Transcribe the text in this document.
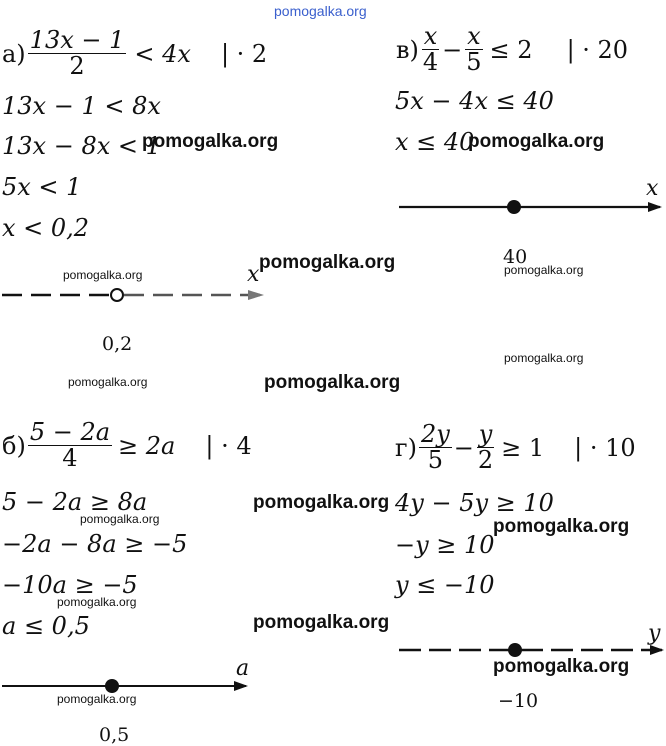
pomogalka.org
$а) \frac{13x - 1}{2} < 4x$ | · 2
13x − 1 < 8x
13x − 8x < 1
5x < 1
x < 0,2
x
0,2
$в) \frac{x}{4} - \frac{x}{5} \le 2$ | · 20
5x − 4x ≤ 40
x ≤ 40
x
40
$б) \frac{5 - 2a}{4} \ge 2a$ | · 4
5 − 2a ≥ 8a
−2a − 8a ≥ −5
−10a ≥ −5
a ≤ 0,5
a
0,5
$г) \frac{2y}{5} - \frac{y}{2} \ge 1$ | · 10
4y − 5y ≥ 10
−y ≥ 10
y ≤ −10
y
−10
pomogalka.org	pomogalka.org
pomogalka.org
pomogalka.org
pomogalka.org
pomogalka.org
pomogalka.org
pomogalka.org
pomogalka.org	pomogalka.org
pomogalka.org
pomogalka.org
pomogalka.org
pomogalka.org
pomogalka.org
